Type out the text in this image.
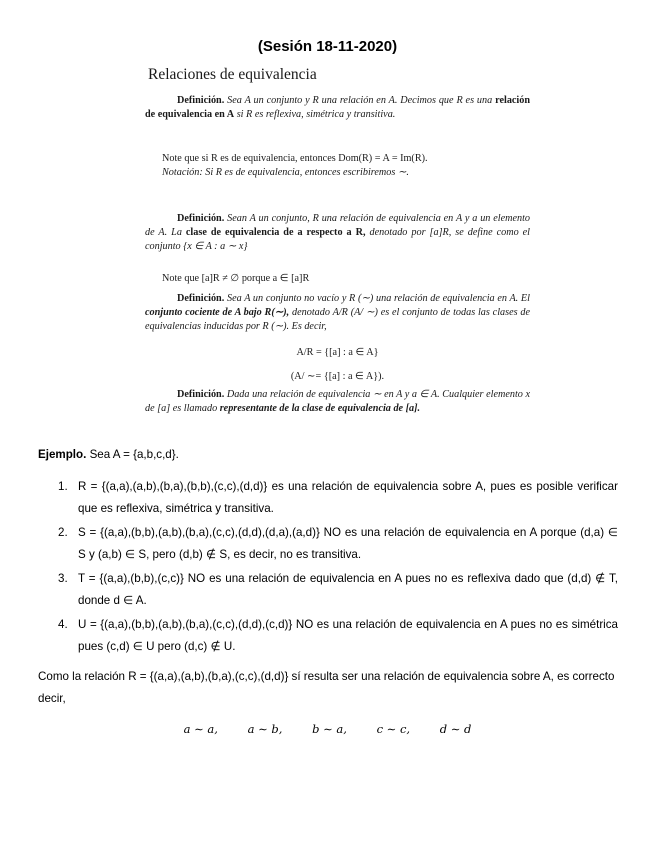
(Sesión 18-11-2020)
Relaciones de equivalencia
Definición. Sea A un conjunto y R una relación en A. Decimos que R es una relación de equivalencia en A si R es reflexiva, simétrica y transitiva.
Note que si R es de equivalencia, entonces Dom(R) = A = Im(R).
Notación: Si R es de equivalencia, entonces escribiremos ∼.
Definición. Sean A un conjunto, R una relación de equivalencia en A y a un elemento de A. La clase de equivalencia de a respecto a R, denotado por [a]R, se define como el conjunto {x ∈ A : a ∼ x}
Note que [a]R ≠ ∅ porque a ∈ [a]R
Definición. Sea A un conjunto no vacío y R (∼) una relación de equivalencia en A. El conjunto cociente de A bajo R(∼), denotado A/R (A/ ∼) es el conjunto de todas las clases de equivalencias inducidas por R (∼). Es decir,
A/R = {[a] : a ∈ A}
(A/ ∼= {[a] : a ∈ A}).
Definición. Dada una relación de equivalencia ∼ en A y a ∈ A. Cualquier elemento x de [a] es llamado representante de la clase de equivalencia de [a].
Ejemplo. Sea A = {a,b,c,d}.
1. R = {(a,a),(a,b),(b,a),(b,b),(c,c),(d,d)} es una relación de equivalencia sobre A, pues es posible verificar que es reflexiva, simétrica y transitiva.
2. S = {(a,a),(b,b),(a,b),(b,a),(c,c),(d,d),(d,a),(a,d)} NO es una relación de equivalencia en A porque (d,a) ∈ S y (a,b) ∈ S, pero (d,b) ∉ S, es decir, no es transitiva.
3. T = {(a,a),(b,b),(c,c)} NO es una relación de equivalencia en A pues no es reflexiva dado que (d,d) ∉ T, donde d ∈ A.
4. U = {(a,a),(b,b),(a,b),(b,a),(c,c),(d,d),(c,d)} NO es una relación de equivalencia en A pues no es simétrica pues (c,d) ∈ U pero (d,c) ∉ U.
Como la relación R = {(a,a),(a,b),(b,a),(c,c),(d,d)} sí resulta ser una relación de equivalencia sobre A, es correcto decir,
a ∼ a,	a ∼ b,	b ∼ a,	c ∼ c,	d ∼ d
